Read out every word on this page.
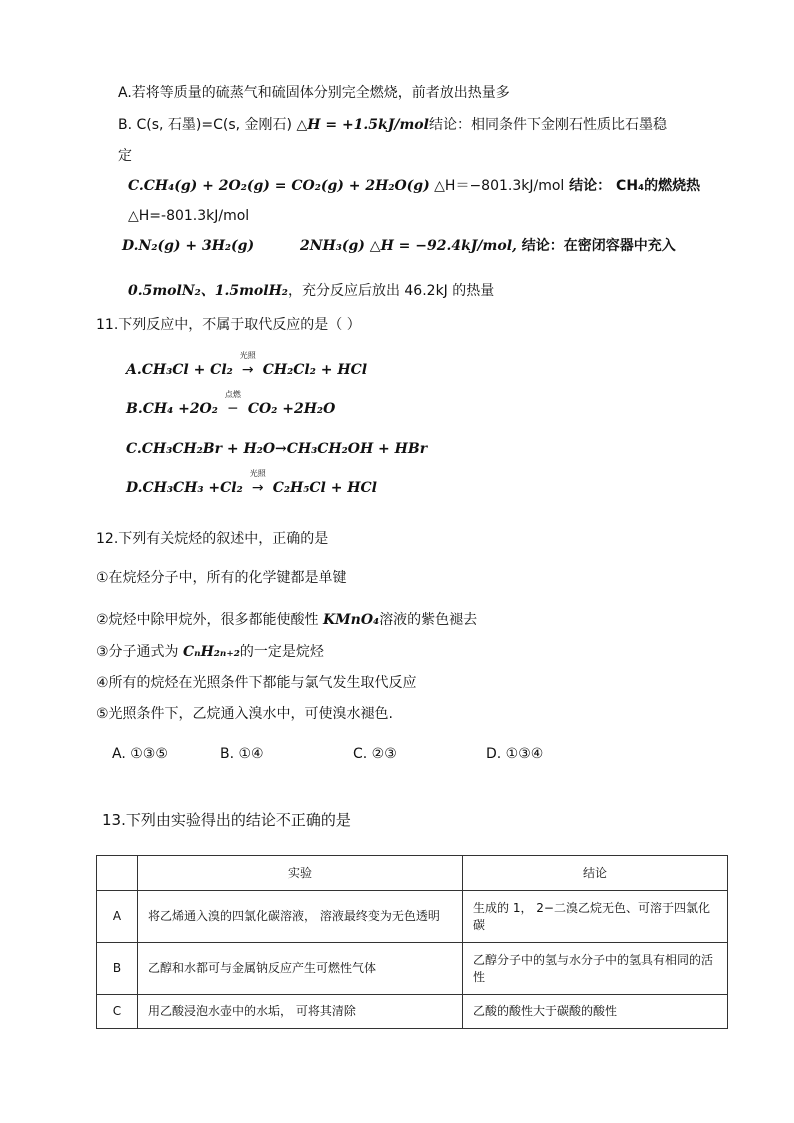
A.若将等质量的硫蒸气和硫固体分别完全燃烧，前者放出热量多
B. C(s, 石墨)=C(s, 金刚石) △H = +1.5kJ/mol结论：相同条件下金刚石性质比石墨稳
定
C.CH₄(g) + 2O₂(g) = CO₂(g) + 2H₂O(g) △H＝−801.3kJ/mol 结论： CH₄的燃烧热
△H=-801.3kJ/mol
D.N₂(g) + 3H₂(g)	2NH₃(g) △H = −92.4kJ/mol, 结论：在密闭容器中充入
0.5molN₂、1.5molH₂，充分反应后放出 46.2kJ 的热量
11.下列反应中，不属于取代反应的是（ ）
A.CH₃Cl + Cl₂
光照
→ CH₂Cl₂ + HCl
B.CH₄ +2O₂
点燃
─ CO₂ +2H₂O
C.CH₃CH₂Br + H₂O→CH₃CH₂OH + HBr
D.CH₃CH₃ +Cl₂
光照
→ C₂H₅Cl + HCl
12.下列有关烷烃的叙述中，正确的是
①在烷烃分子中，所有的化学键都是单键
②烷烃中除甲烷外，很多都能使酸性 KMnO₄溶液的紫色褪去
③分子通式为 CₙH₂ₙ₊₂的一定是烷烃
④所有的烷烃在光照条件下都能与氯气发生取代反应
⑤光照条件下，乙烷通入溴水中，可使溴水褪色.
A. ①③⑤	B. ①④	C. ②③	D. ①③④
13.下列由实验得出的结论不正确的是
	实验	结论
A	将乙烯通入溴的四氯化碳溶液， 溶液最终变为无色透明	生成的 1， 2−二溴乙烷无色、可溶于四氯化碳
B	乙醇和水都可与金属钠反应产生可燃性气体	乙醇分子中的氢与水分子中的氢具有相同的活性
C	用乙酸浸泡水壶中的水垢， 可将其清除	乙酸的酸性大于碳酸的酸性
